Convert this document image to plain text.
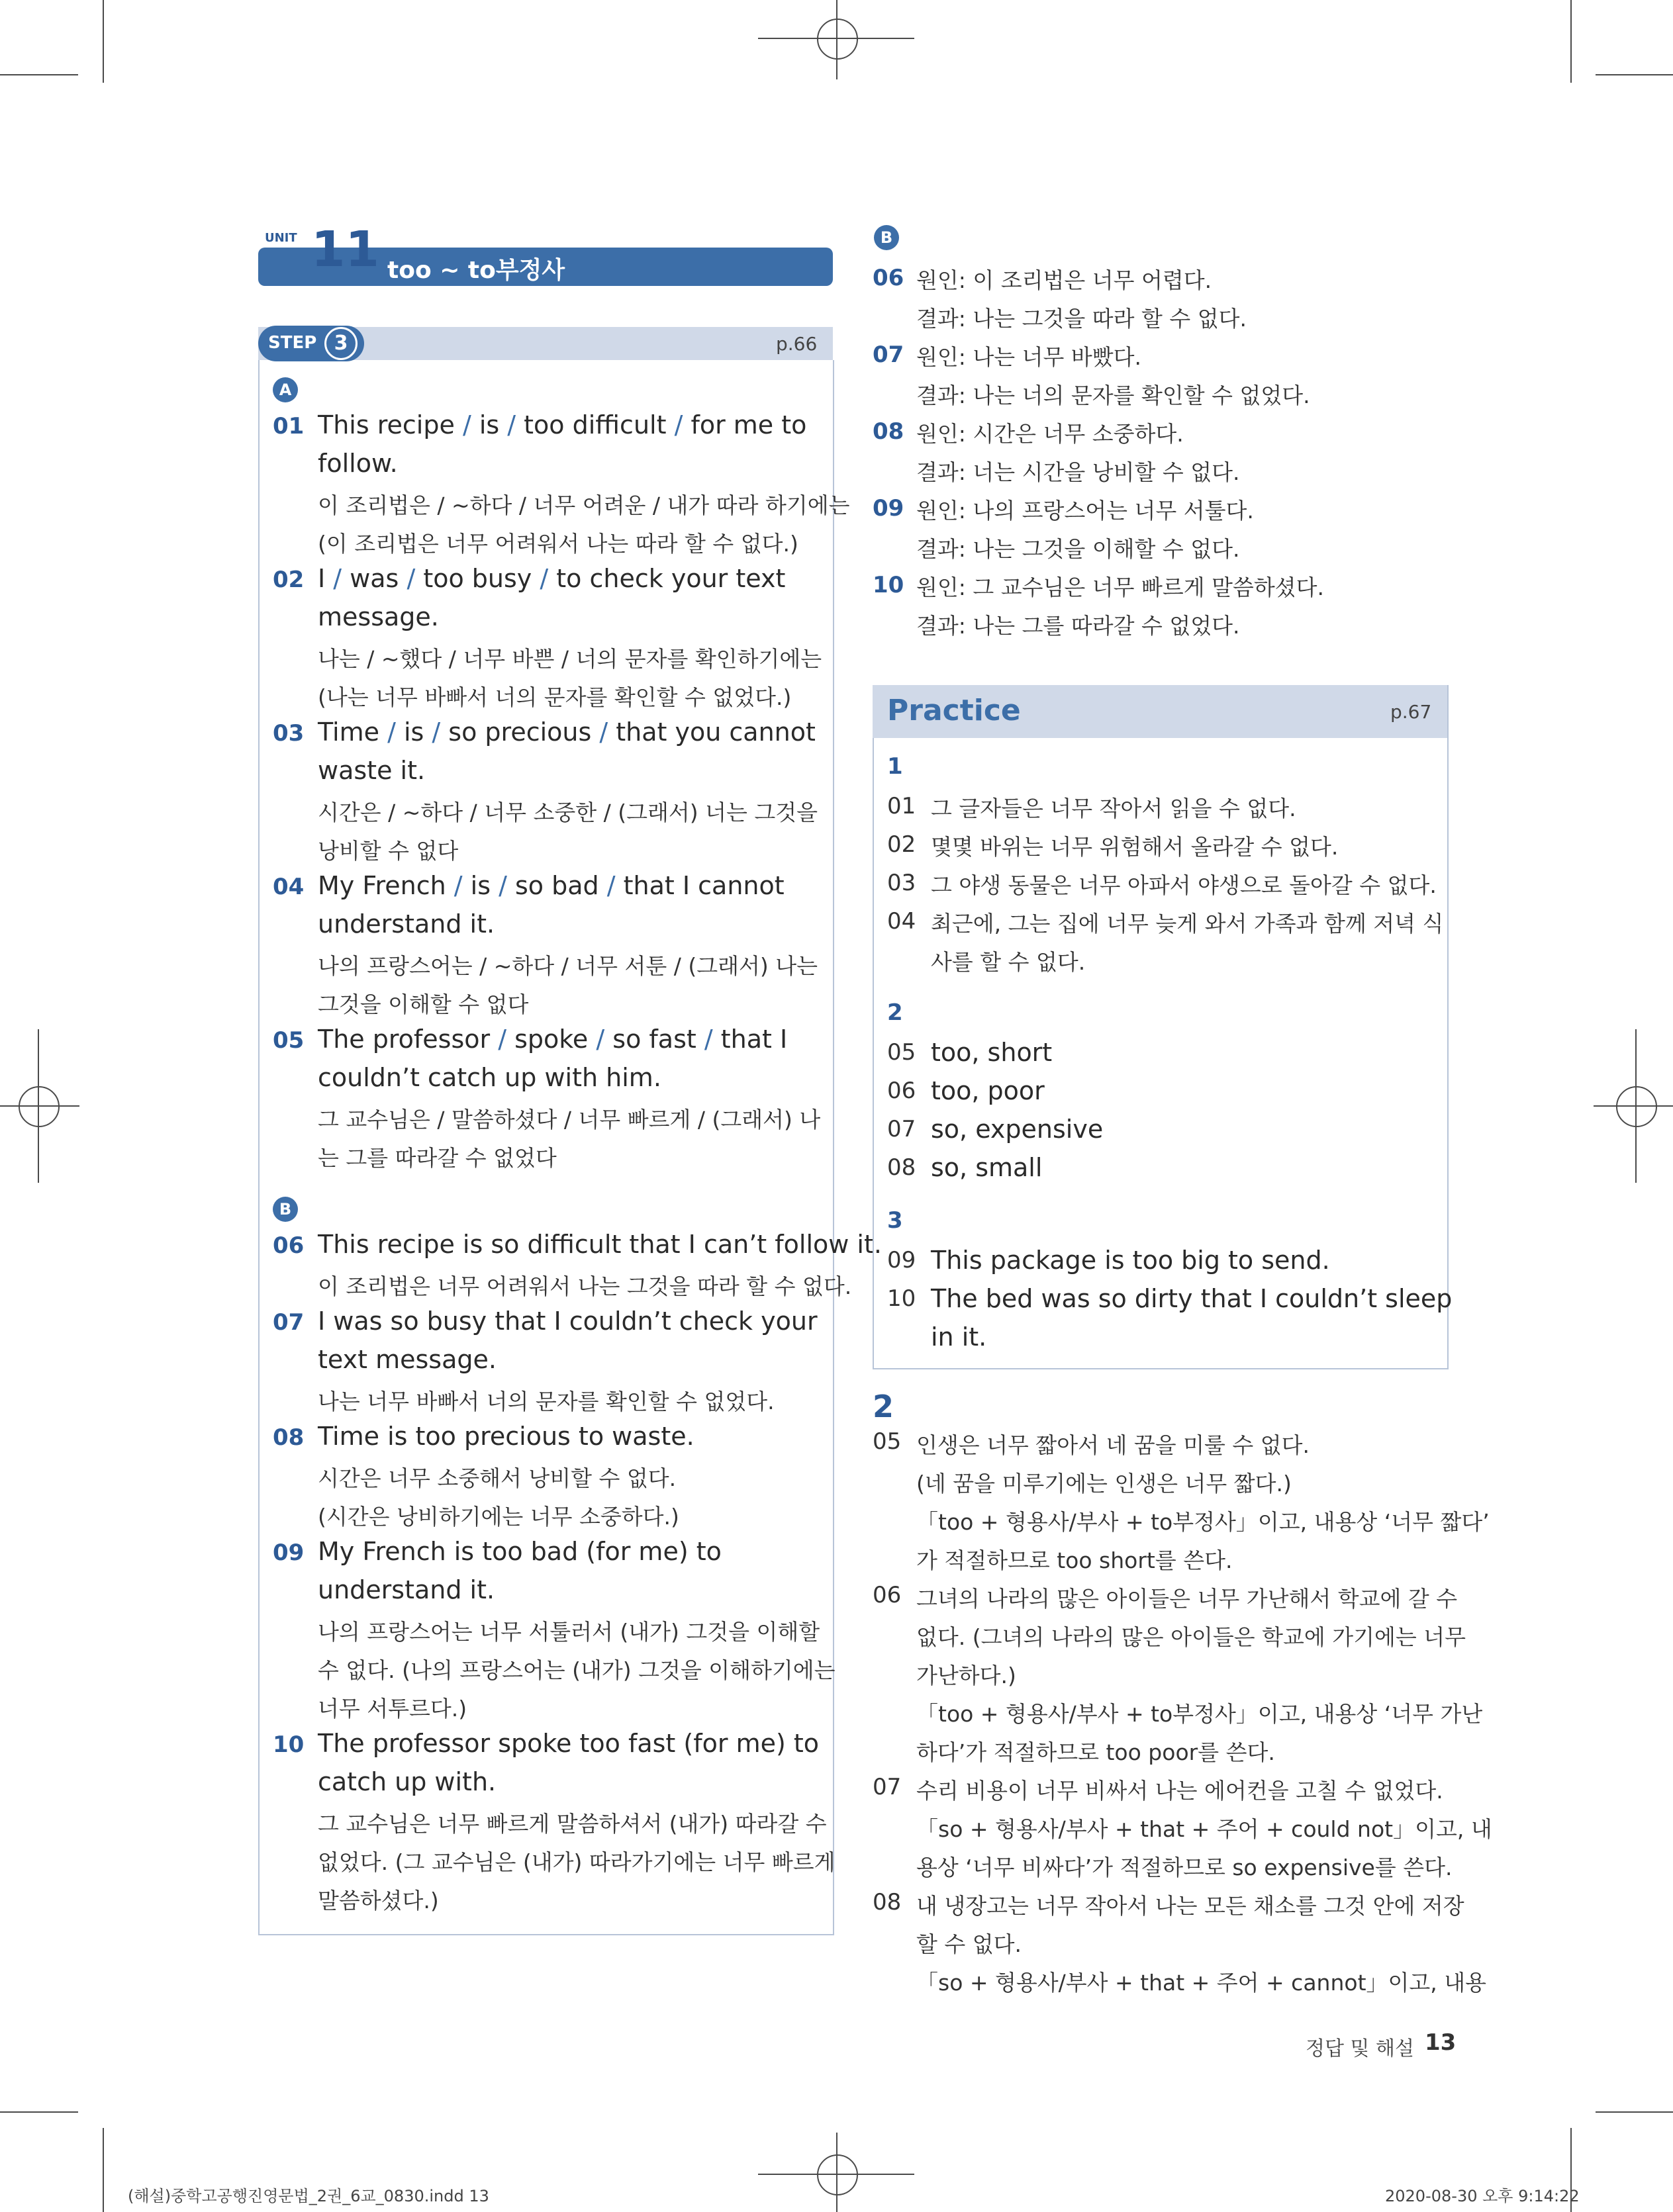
UNIT 11 too ~ to부정사
STEP 3	p.66
A
01 This recipe / is / too difficult / for me to
follow.
이 조리법은 / ~하다 / 너무 어려운 / 내가 따라 하기에는
(이 조리법은 너무 어려워서 나는 따라 할 수 없다.)
02 I / was / too busy / to check your text
message.
나는 / ~했다 / 너무 바쁜 / 너의 문자를 확인하기에는
(나는 너무 바빠서 너의 문자를 확인할 수 없었다.)
03 Time / is / so precious / that you cannot
waste it.
시간은 / ~하다 / 너무 소중한 / (그래서) 너는 그것을
낭비할 수 없다
04 My French / is / so bad / that I cannot
understand it.
나의 프랑스어는 / ~하다 / 너무 서툰 / (그래서) 나는
그것을 이해할 수 없다
05 The professor / spoke / so fast / that I
couldn’t catch up with him.
그 교수님은 / 말씀하셨다 / 너무 빠르게 / (그래서) 나
는 그를 따라갈 수 없었다
B
06 This recipe is so difficult that I can’t follow it.
이 조리법은 너무 어려워서 나는 그것을 따라 할 수 없다.
07 I was so busy that I couldn’t check your
text message.
나는 너무 바빠서 너의 문자를 확인할 수 없었다.
08 Time is too precious to waste.
시간은 너무 소중해서 낭비할 수 없다.
(시간은 낭비하기에는 너무 소중하다.)
09 My French is too bad (for me) to
understand it.
나의 프랑스어는 너무 서툴러서 (내가) 그것을 이해할
수 없다. (나의 프랑스어는 (내가) 그것을 이해하기에는
너무 서투르다.)
10 The professor spoke too fast (for me) to
catch up with.
그 교수님은 너무 빠르게 말씀하셔서 (내가) 따라갈 수
없었다. (그 교수님은 (내가) 따라가기에는 너무 빠르게
말씀하셨다.)
B
06 원인: 이 조리법은 너무 어렵다.
결과: 나는 그것을 따라 할 수 없다.
07 원인: 나는 너무 바빴다.
결과: 나는 너의 문자를 확인할 수 없었다.
08 원인: 시간은 너무 소중하다.
결과: 너는 시간을 낭비할 수 없다.
09 원인: 나의 프랑스어는 너무 서툴다.
결과: 나는 그것을 이해할 수 없다.
10 원인: 그 교수님은 너무 빠르게 말씀하셨다.
결과: 나는 그를 따라갈 수 없었다.
Practice	p.67
1
01 그 글자들은 너무 작아서 읽을 수 없다.
02 몇몇 바위는 너무 위험해서 올라갈 수 없다.
03 그 야생 동물은 너무 아파서 야생으로 돌아갈 수 없다.
04 최근에, 그는 집에 너무 늦게 와서 가족과 함께 저녁 식
사를 할 수 없다.
2
05 too, short
06 too, poor
07 so, expensive
08 so, small
3
09 This package is too big to send.
10 The bed was so dirty that I couldn’t sleep
in it.
2
05 인생은 너무 짧아서 네 꿈을 미룰 수 없다.
(네 꿈을 미루기에는 인생은 너무 짧다.)
「too + 형용사/부사 + to부정사」이고, 내용상 ‘너무 짧다’
가 적절하므로 too short를 쓴다.
06 그녀의 나라의 많은 아이들은 너무 가난해서 학교에 갈 수
없다. (그녀의 나라의 많은 아이들은 학교에 가기에는 너무
가난하다.)
「too + 형용사/부사 + to부정사」이고, 내용상 ‘너무 가난
하다’가 적절하므로 too poor를 쓴다.
07 수리 비용이 너무 비싸서 나는 에어컨을 고칠 수 없었다.
「so + 형용사/부사 + that + 주어 + could not」이고, 내
용상 ‘너무 비싸다’가 적절하므로 so expensive를 쓴다.
08 내 냉장고는 너무 작아서 나는 모든 채소를 그것 안에 저장
할 수 없다.
「so + 형용사/부사 + that + 주어 + cannot」이고, 내용
정답 및 해설 13
(해설)중학고공행진영문법_2권_6교_0830.indd 13	2020-08-30 오후 9:14:22
